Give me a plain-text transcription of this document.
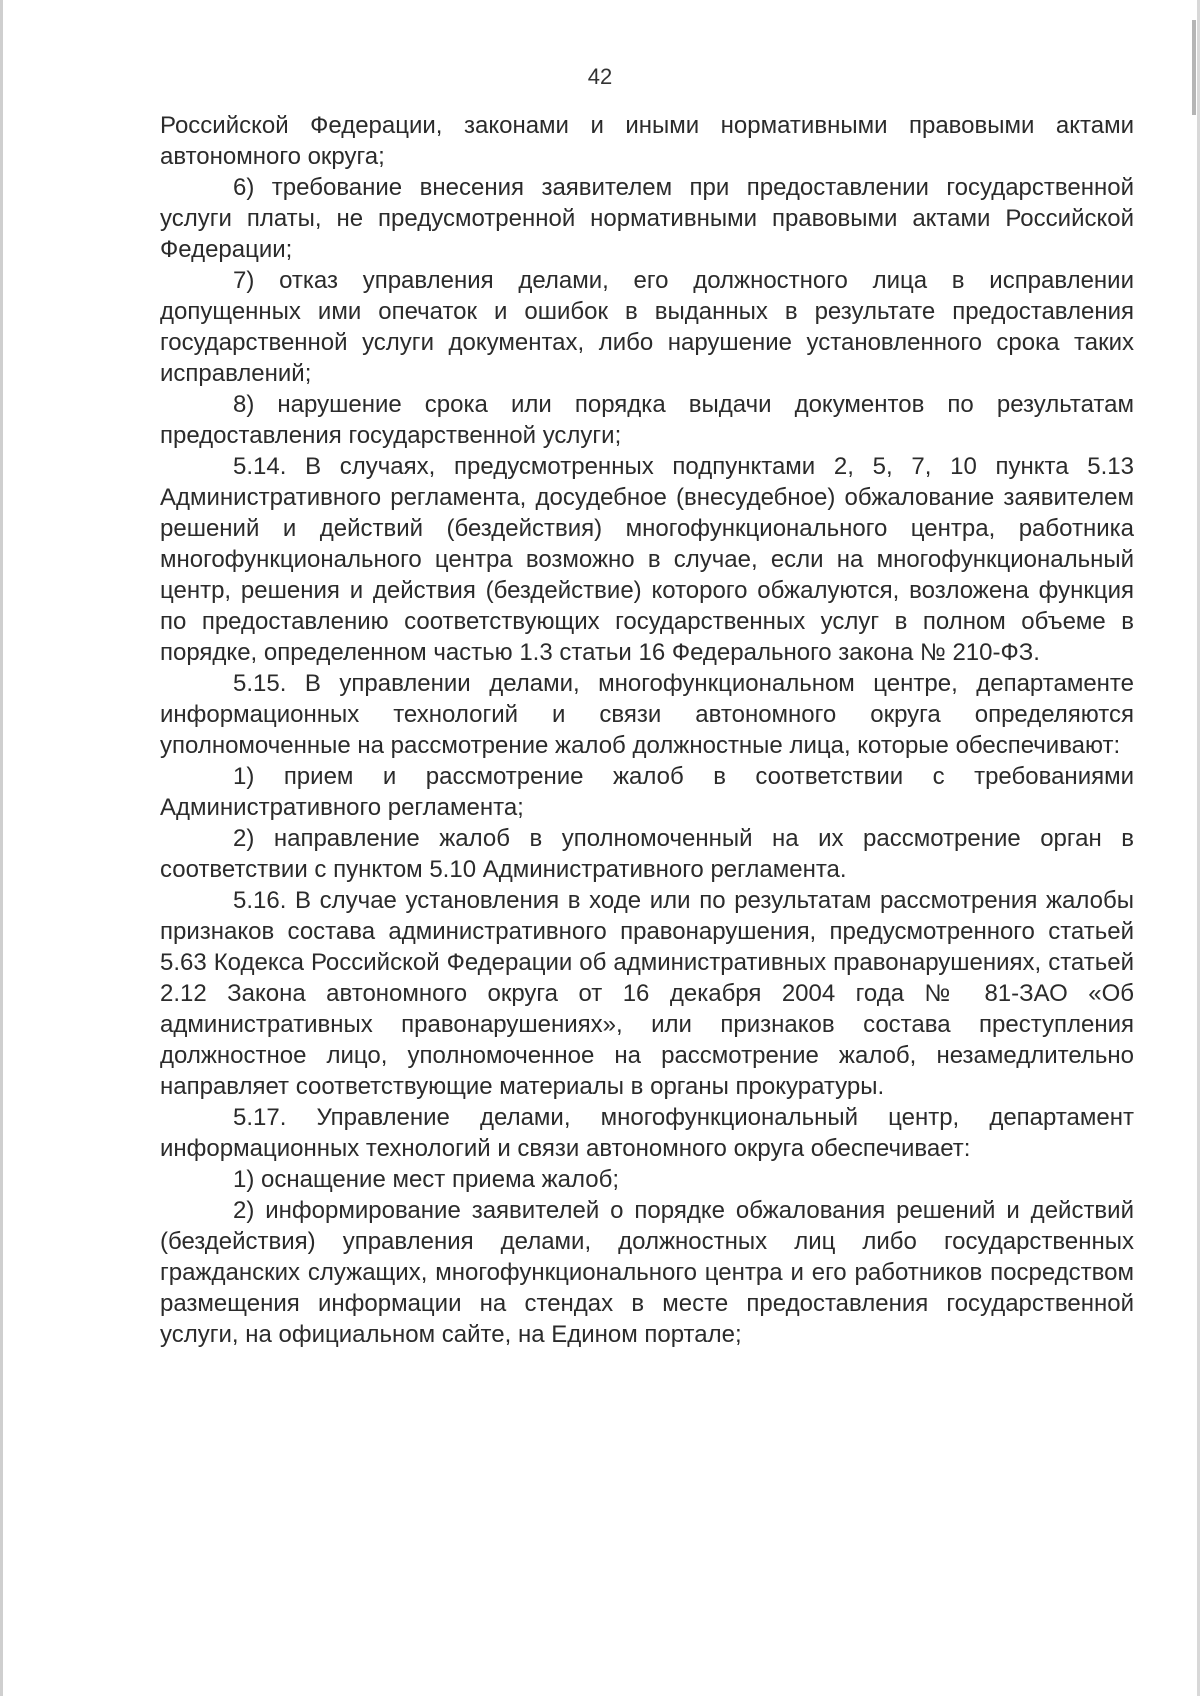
42

Российской Федерации, законами и иными нормативными правовыми актами автономного округа;

6) требование внесения заявителем при предоставлении государственной услуги платы, не предусмотренной нормативными правовыми актами Российской Федерации;

7) отказ управления делами, его должностного лица в исправлении допущенных ими опечаток и ошибок в выданных в результате предоставления государственной услуги документах, либо нарушение установленного срока таких исправлений;

8) нарушение срока или порядка выдачи документов по результатам предоставления государственной услуги;

5.14. В случаях, предусмотренных подпунктами 2, 5, 7, 10 пункта 5.13 Административного регламента, досудебное (внесудебное) обжалование заявителем решений и действий (бездействия) многофункционального центра, работника многофункционального центра возможно в случае, если на многофункциональный центр, решения и действия (бездействие) которого обжалуются, возложена функция по предоставлению соответствующих государственных услуг в полном объеме в порядке, определенном частью 1.3 статьи 16 Федерального закона № 210-ФЗ.

5.15. В управлении делами, многофункциональном центре, департаменте информационных технологий и связи автономного округа определяются уполномоченные на рассмотрение жалоб должностные лица, которые обеспечивают:

1) прием и рассмотрение жалоб в соответствии с требованиями Административного регламента;

2) направление жалоб в уполномоченный на их рассмотрение орган в соответствии с пунктом 5.10 Административного регламента.

5.16. В случае установления в ходе или по результатам рассмотрения жалобы признаков состава административного правонарушения, предусмотренного статьей 5.63 Кодекса Российской Федерации об административных правонарушениях, статьей 2.12 Закона автономного округа от 16 декабря 2004 года № 81-ЗАО «Об административных правонарушениях», или признаков состава преступления должностное лицо, уполномоченное на рассмотрение жалоб, незамедлительно направляет соответствующие материалы в органы прокуратуры.

5.17. Управление делами, многофункциональный центр, департамент информационных технологий и связи автономного округа обеспечивает:

1) оснащение мест приема жалоб;

2) информирование заявителей о порядке обжалования решений и действий (бездействия) управления делами, должностных лиц либо государственных гражданских служащих, многофункционального центра и его работников посредством размещения информации на стендах в месте предоставления государственной услуги, на официальном сайте, на Едином портале;
